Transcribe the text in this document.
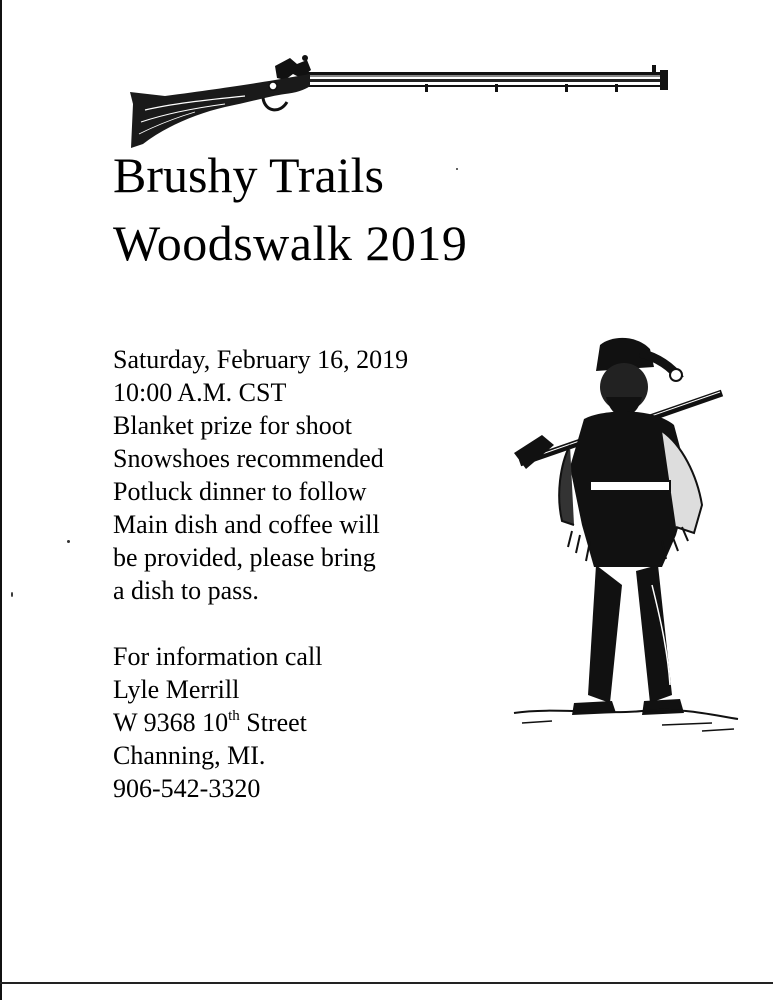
Brushy Trails
Woodswalk 2019
Saturday, February 16, 2019
10:00 A.M. CST
Blanket prize for shoot
Snowshoes recommended
Potluck dinner to follow
Main dish and coffee will
be provided, please bring
a dish to pass.
For information call
Lyle Merrill
W 9368 10th Street
Channing, MI.
906-542-3320
